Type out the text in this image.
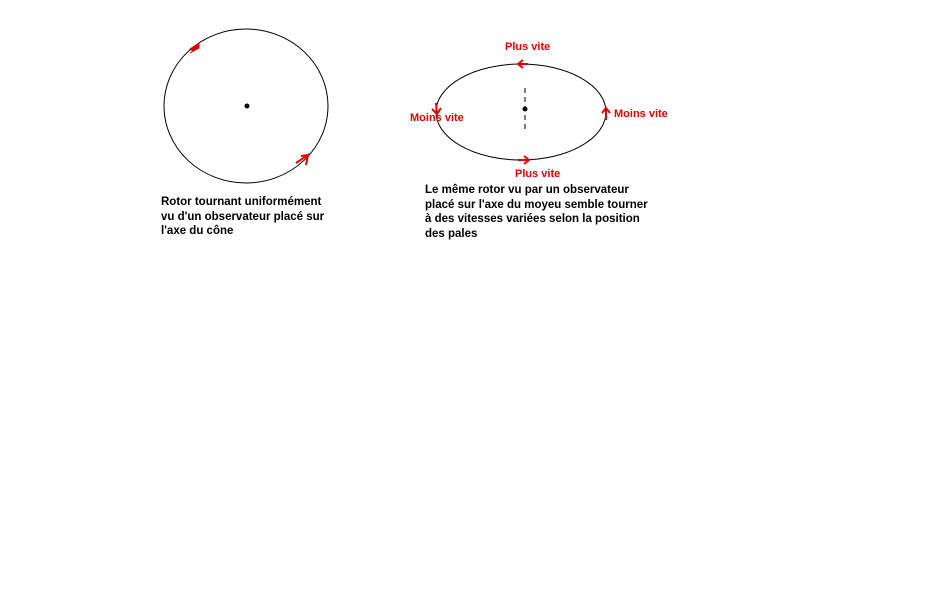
Plus vite
Plus vite
Moins vite	Moins vite
Rotor tournant uniformément
vu d'un observateur placé sur
l'axe du cône
Le même rotor vu par un observateur
placé sur l'axe du moyeu semble tourner
à des vitesses variées selon la position
des pales
